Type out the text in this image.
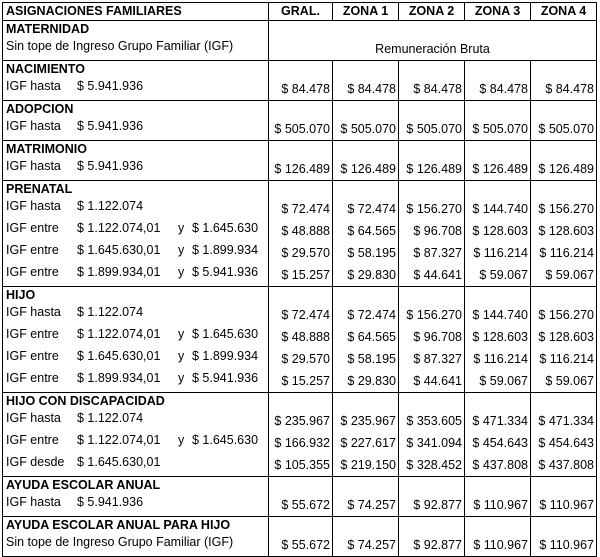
ASIGNACIONES FAMILIARES	GRAL.	ZONA 1	ZONA 2	ZONA 3	ZONA 4
MATERNIDAD					

Sin tope de Ingreso Grupo Familiar (IGF)	Remuneración Bruta				
NACIMIENTO					

IGF hasta $ 5.941.936	$ 84.478	$ 84.478	$ 84.478	$ 84.478	$ 84.478
ADOPCION					

IGF hasta $ 5.941.936	$ 505.070	$ 505.070	$ 505.070	$ 505.070	$ 505.070
MATRIMONIO					

IGF hasta $ 5.941.936	$ 126.489	$ 126.489	$ 126.489	$ 126.489	$ 126.489
PRENATAL					

IGF hasta $ 1.122.074	$ 72.474	$ 72.474	$ 156.270	$ 144.740	$ 156.270

IGF entre $ 1.122.074,01 y $ 1.645.630	$ 48.888	$ 64.565	$ 96.708	$ 128.603	$ 128.603

IGF entre $ 1.645.630,01 y $ 1.899.934	$ 29.570	$ 58.195	$ 87.327	$ 116.214	$ 116.214

IGF entre $ 1.899.934,01 y $ 5.941.936	$ 15.257	$ 29.830	$ 44.641	$ 59.067	$ 59.067
HIJO					

IGF hasta $ 1.122.074	$ 72.474	$ 72.474	$ 156.270	$ 144.740	$ 156.270

IGF entre $ 1.122.074,01 y $ 1.645.630	$ 48.888	$ 64.565	$ 96.708	$ 128.603	$ 128.603

IGF entre $ 1.645.630,01 y $ 1.899.934	$ 29.570	$ 58.195	$ 87.327	$ 116.214	$ 116.214

IGF entre $ 1.899.934,01 y $ 5.941.936	$ 15.257	$ 29.830	$ 44.641	$ 59.067	$ 59.067
HIJO CON DISCAPACIDAD					

IGF hasta $ 1.122.074	$ 235.967	$ 235.967	$ 353.605	$ 471.334	$ 471.334

IGF entre $ 1.122.074,01 y $ 1.645.630	$ 166.932	$ 227.617	$ 341.094	$ 454.643	$ 454.643

IGF desde $ 1.645.630,01	$ 105.355	$ 219.150	$ 328.452	$ 437.808	$ 437.808
AYUDA ESCOLAR ANUAL					

IGF hasta $ 5.941.936	$ 55.672	$ 74.257	$ 92.877	$ 110.967	$ 110.967
AYUDA ESCOLAR ANUAL PARA HIJO					

Sin tope de Ingreso Grupo Familiar (IGF)	$ 55.672	$ 74.257	$ 92.877	$ 110.967	$ 110.967
